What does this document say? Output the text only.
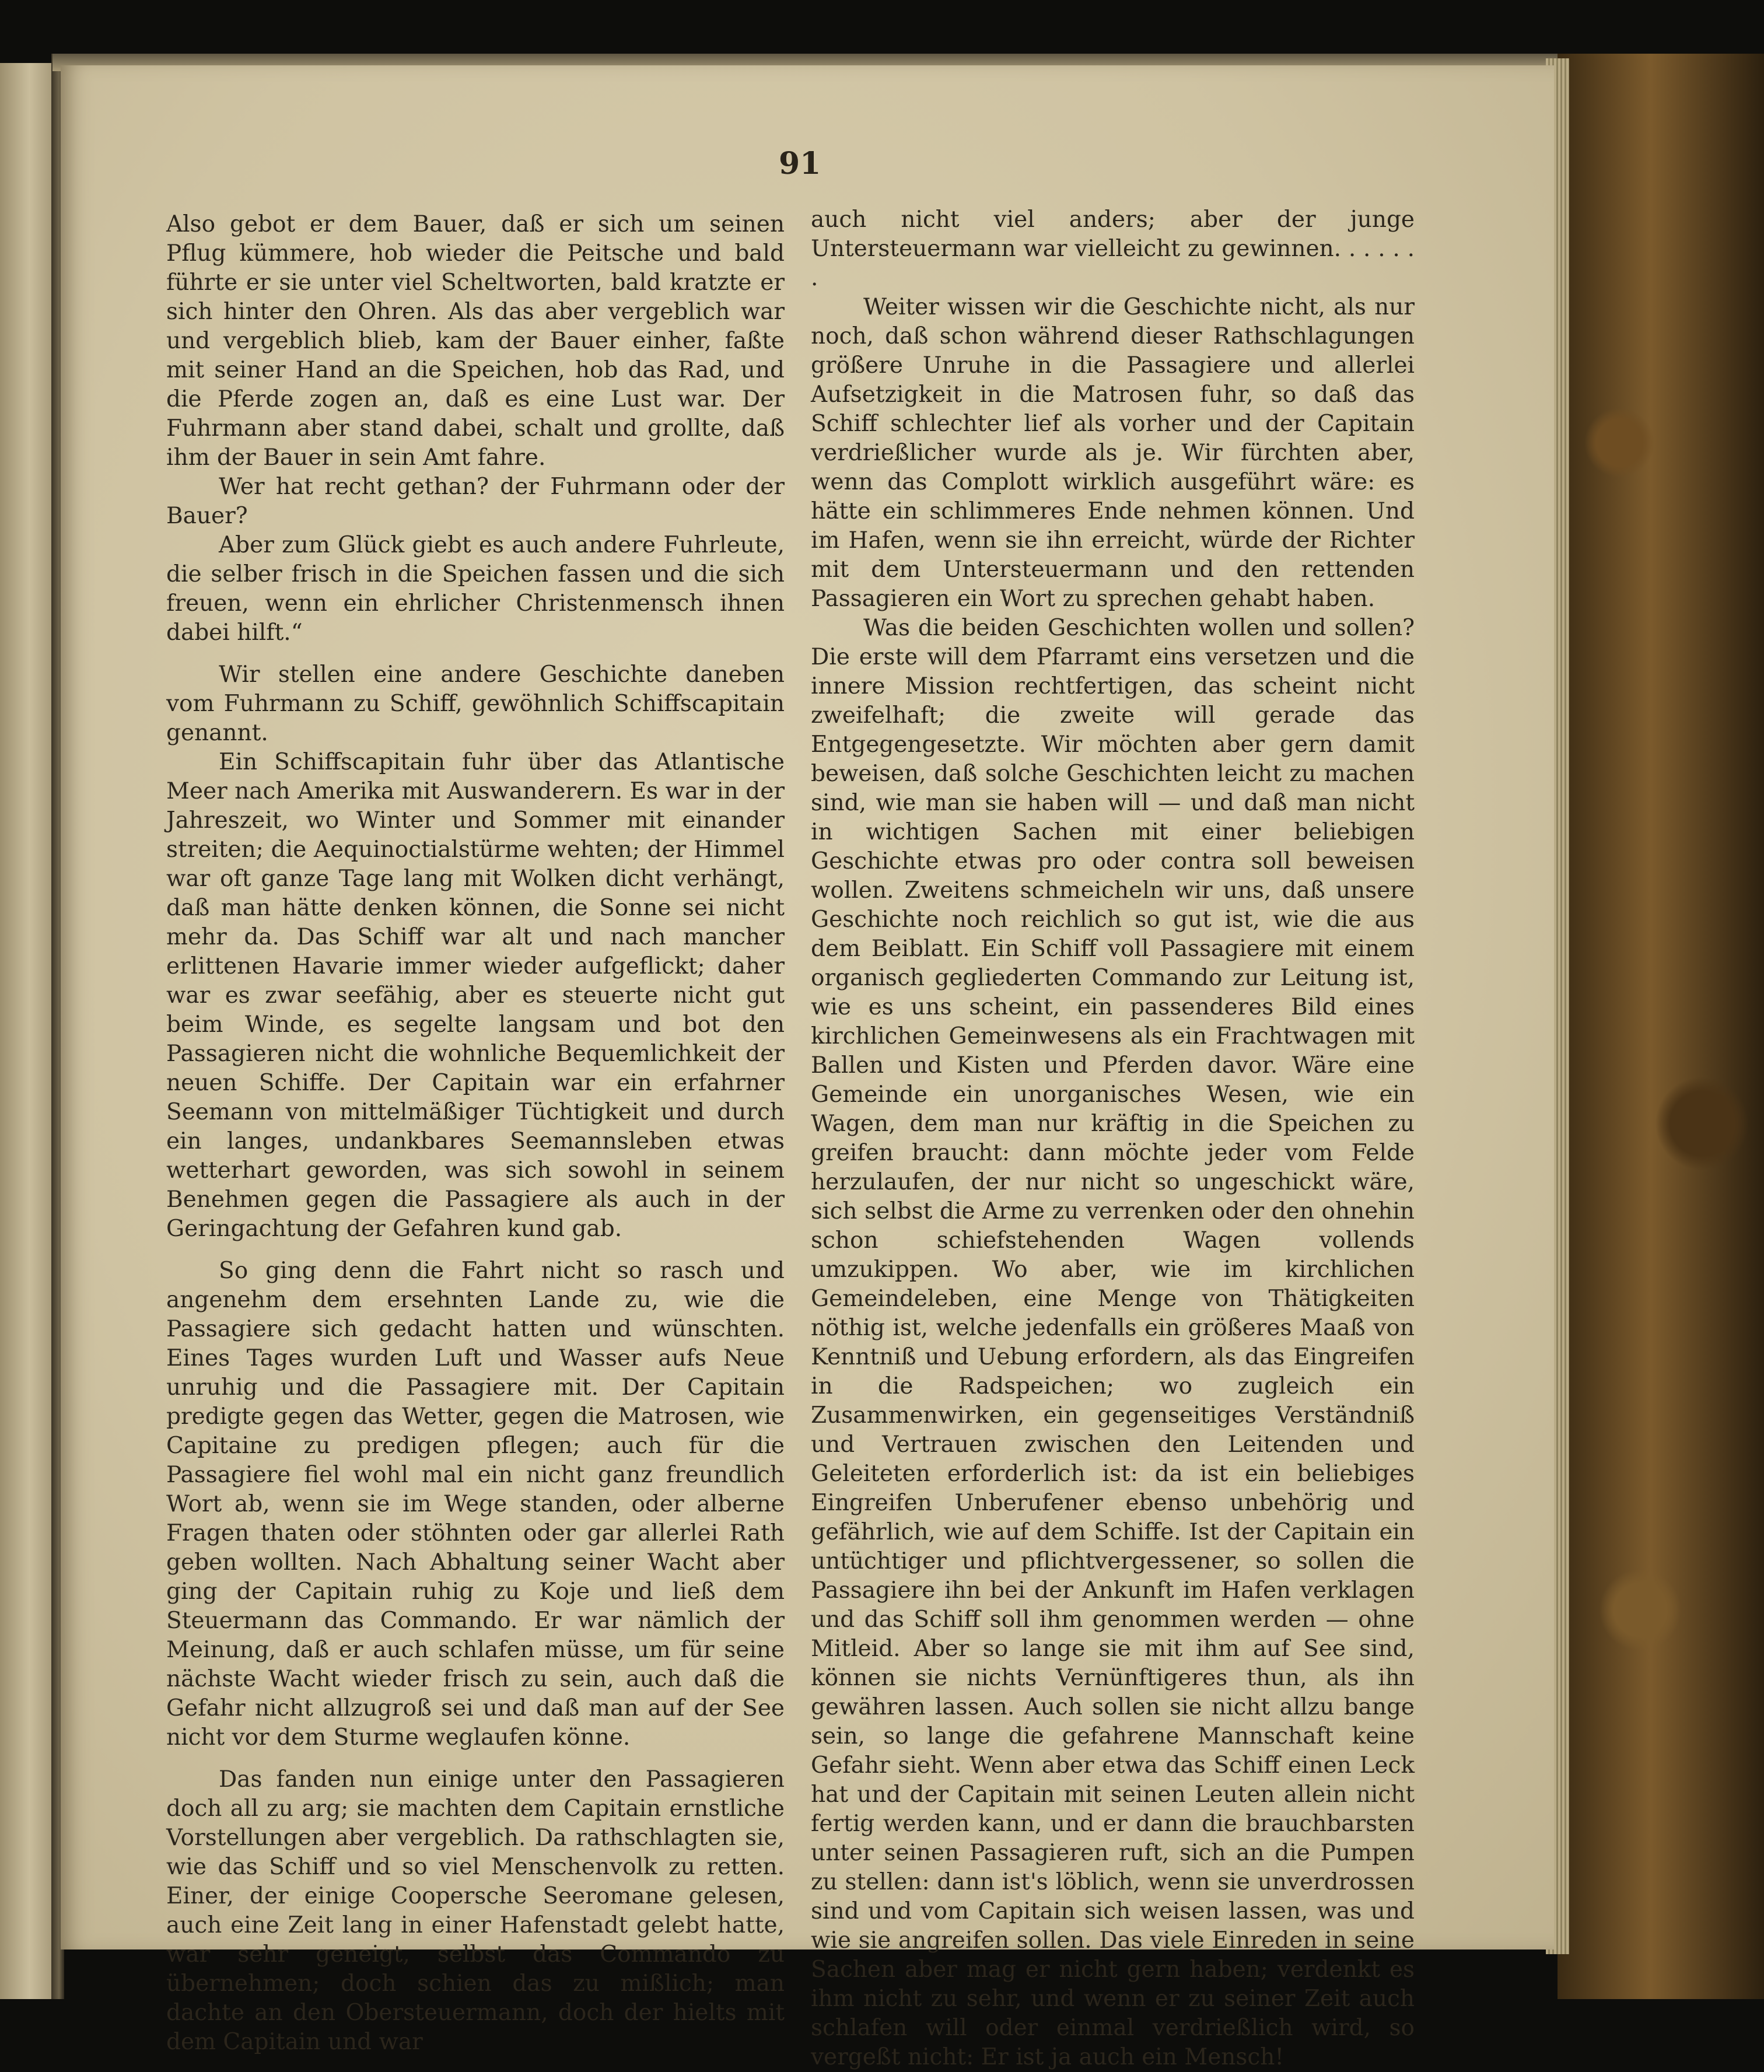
91

Also gebot er dem Bauer, daß er sich um seinen Pflug kümmere, hob wieder die Peitsche und bald führte er sie unter viel Scheltworten, bald kratzte er sich hinter den Ohren. Als das aber vergeblich war und vergeblich blieb, kam der Bauer einher, faßte mit seiner Hand an die Speichen, hob das Rad, und die Pferde zogen an, daß es eine Lust war. Der Fuhrmann aber stand dabei, schalt und grollte, daß ihm der Bauer in sein Amt fahre.

Wer hat recht gethan? der Fuhrmann oder der Bauer?

Aber zum Glück giebt es auch andere Fuhrleute, die selber frisch in die Speichen fassen und die sich freuen, wenn ein ehrlicher Christenmensch ihnen dabei hilft.“

Wir stellen eine andere Geschichte daneben vom Fuhrmann zu Schiff, gewöhnlich Schiffscapitain genannt.

Ein Schiffscapitain fuhr über das Atlantische Meer nach Amerika mit Auswanderern. Es war in der Jahreszeit, wo Winter und Sommer mit einander streiten; die Aequinoctialstürme wehten; der Himmel war oft ganze Tage lang mit Wolken dicht verhängt, daß man hätte denken können, die Sonne sei nicht mehr da. Das Schiff war alt und nach mancher erlittenen Havarie immer wieder aufgeflickt; daher war es zwar seefähig, aber es steuerte nicht gut beim Winde, es segelte langsam und bot den Passagieren nicht die wohnliche Bequemlichkeit der neuen Schiffe. Der Capitain war ein erfahrner Seemann von mittelmäßiger Tüchtigkeit und durch ein langes, undankbares Seemannsleben etwas wetterhart geworden, was sich sowohl in seinem Benehmen gegen die Passagiere als auch in der Geringachtung der Gefahren kund gab.

So ging denn die Fahrt nicht so rasch und angenehm dem ersehnten Lande zu, wie die Passagiere sich gedacht hatten und wünschten. Eines Tages wurden Luft und Wasser aufs Neue unruhig und die Passagiere mit. Der Capitain predigte gegen das Wetter, gegen die Matrosen, wie Capitaine zu predigen pflegen; auch für die Passagiere fiel wohl mal ein nicht ganz freundlich Wort ab, wenn sie im Wege standen, oder alberne Fragen thaten oder stöhnten oder gar allerlei Rath geben wollten. Nach Abhaltung seiner Wacht aber ging der Capitain ruhig zu Koje und ließ dem Steuermann das Commando. Er war nämlich der Meinung, daß er auch schlafen müsse, um für seine nächste Wacht wieder frisch zu sein, auch daß die Gefahr nicht allzugroß sei und daß man auf der See nicht vor dem Sturme weglaufen könne.

Das fanden nun einige unter den Passagieren doch all zu arg; sie machten dem Capitain ernstliche Vorstellungen aber vergeblich. Da rathschlagten sie, wie das Schiff und so viel Menschenvolk zu retten. Einer, der einige Coopersche Seeromane gelesen, auch eine Zeit lang in einer Hafenstadt gelebt hatte, war sehr geneigt, selbst das Commando zu übernehmen; doch schien das zu mißlich; man dachte an den Obersteuermann, doch der hielts mit dem Capitain und war

auch nicht viel anders; aber der junge Untersteuermann war vielleicht zu gewinnen. . . . . . .

Weiter wissen wir die Geschichte nicht, als nur noch, daß schon während dieser Rathschlagungen größere Unruhe in die Passagiere und allerlei Aufsetzigkeit in die Matrosen fuhr, so daß das Schiff schlechter lief als vorher und der Capitain verdrießlicher wurde als je. Wir fürchten aber, wenn das Complott wirklich ausgeführt wäre: es hätte ein schlimmeres Ende nehmen können. Und im Hafen, wenn sie ihn erreicht, würde der Richter mit dem Untersteuermann und den rettenden Passagieren ein Wort zu sprechen gehabt haben.

Was die beiden Geschichten wollen und sollen? Die erste will dem Pfarramt eins versetzen und die innere Mission rechtfertigen, das scheint nicht zweifelhaft; die zweite will gerade das Entgegengesetzte. Wir möchten aber gern damit beweisen, daß solche Geschichten leicht zu machen sind, wie man sie haben will — und daß man nicht in wichtigen Sachen mit einer beliebigen Geschichte etwas pro oder contra soll beweisen wollen. Zweitens schmeicheln wir uns, daß unsere Geschichte noch reichlich so gut ist, wie die aus dem Beiblatt. Ein Schiff voll Passagiere mit einem organisch gegliederten Commando zur Leitung ist, wie es uns scheint, ein passenderes Bild eines kirchlichen Gemeinwesens als ein Frachtwagen mit Ballen und Kisten und Pferden davor. Wäre eine Gemeinde ein unorganisches Wesen, wie ein Wagen, dem man nur kräftig in die Speichen zu greifen braucht: dann möchte jeder vom Felde herzulaufen, der nur nicht so ungeschickt wäre, sich selbst die Arme zu verrenken oder den ohnehin schon schiefstehenden Wagen vollends umzukippen. Wo aber, wie im kirchlichen Gemeindeleben, eine Menge von Thätigkeiten nöthig ist, welche jedenfalls ein größeres Maaß von Kenntniß und Uebung erfordern, als das Eingreifen in die Radspeichen; wo zugleich ein Zusammenwirken, ein gegenseitiges Verständniß und Vertrauen zwischen den Leitenden und Geleiteten erforderlich ist: da ist ein beliebiges Eingreifen Unberufener ebenso unbehörig und gefährlich, wie auf dem Schiffe. Ist der Capitain ein untüchtiger und pflichtvergessener, so sollen die Passagiere ihn bei der Ankunft im Hafen verklagen und das Schiff soll ihm genommen werden — ohne Mitleid. Aber so lange sie mit ihm auf See sind, können sie nichts Vernünftigeres thun, als ihn gewähren lassen. Auch sollen sie nicht allzu bange sein, so lange die gefahrene Mannschaft keine Gefahr sieht. Wenn aber etwa das Schiff einen Leck hat und der Capitain mit seinen Leuten allein nicht fertig werden kann, und er dann die brauchbarsten unter seinen Passagieren ruft, sich an die Pumpen zu stellen: dann ist's löblich, wenn sie unverdrossen sind und vom Capitain sich weisen lassen, was und wie sie angreifen sollen. Das viele Einreden in seine Sachen aber mag er nicht gern haben; verdenkt es ihm nicht zu sehr, und wenn er zu seiner Zeit auch schlafen will oder einmal verdrießlich wird, so vergeßt nicht: Er ist ja auch ein Mensch!
